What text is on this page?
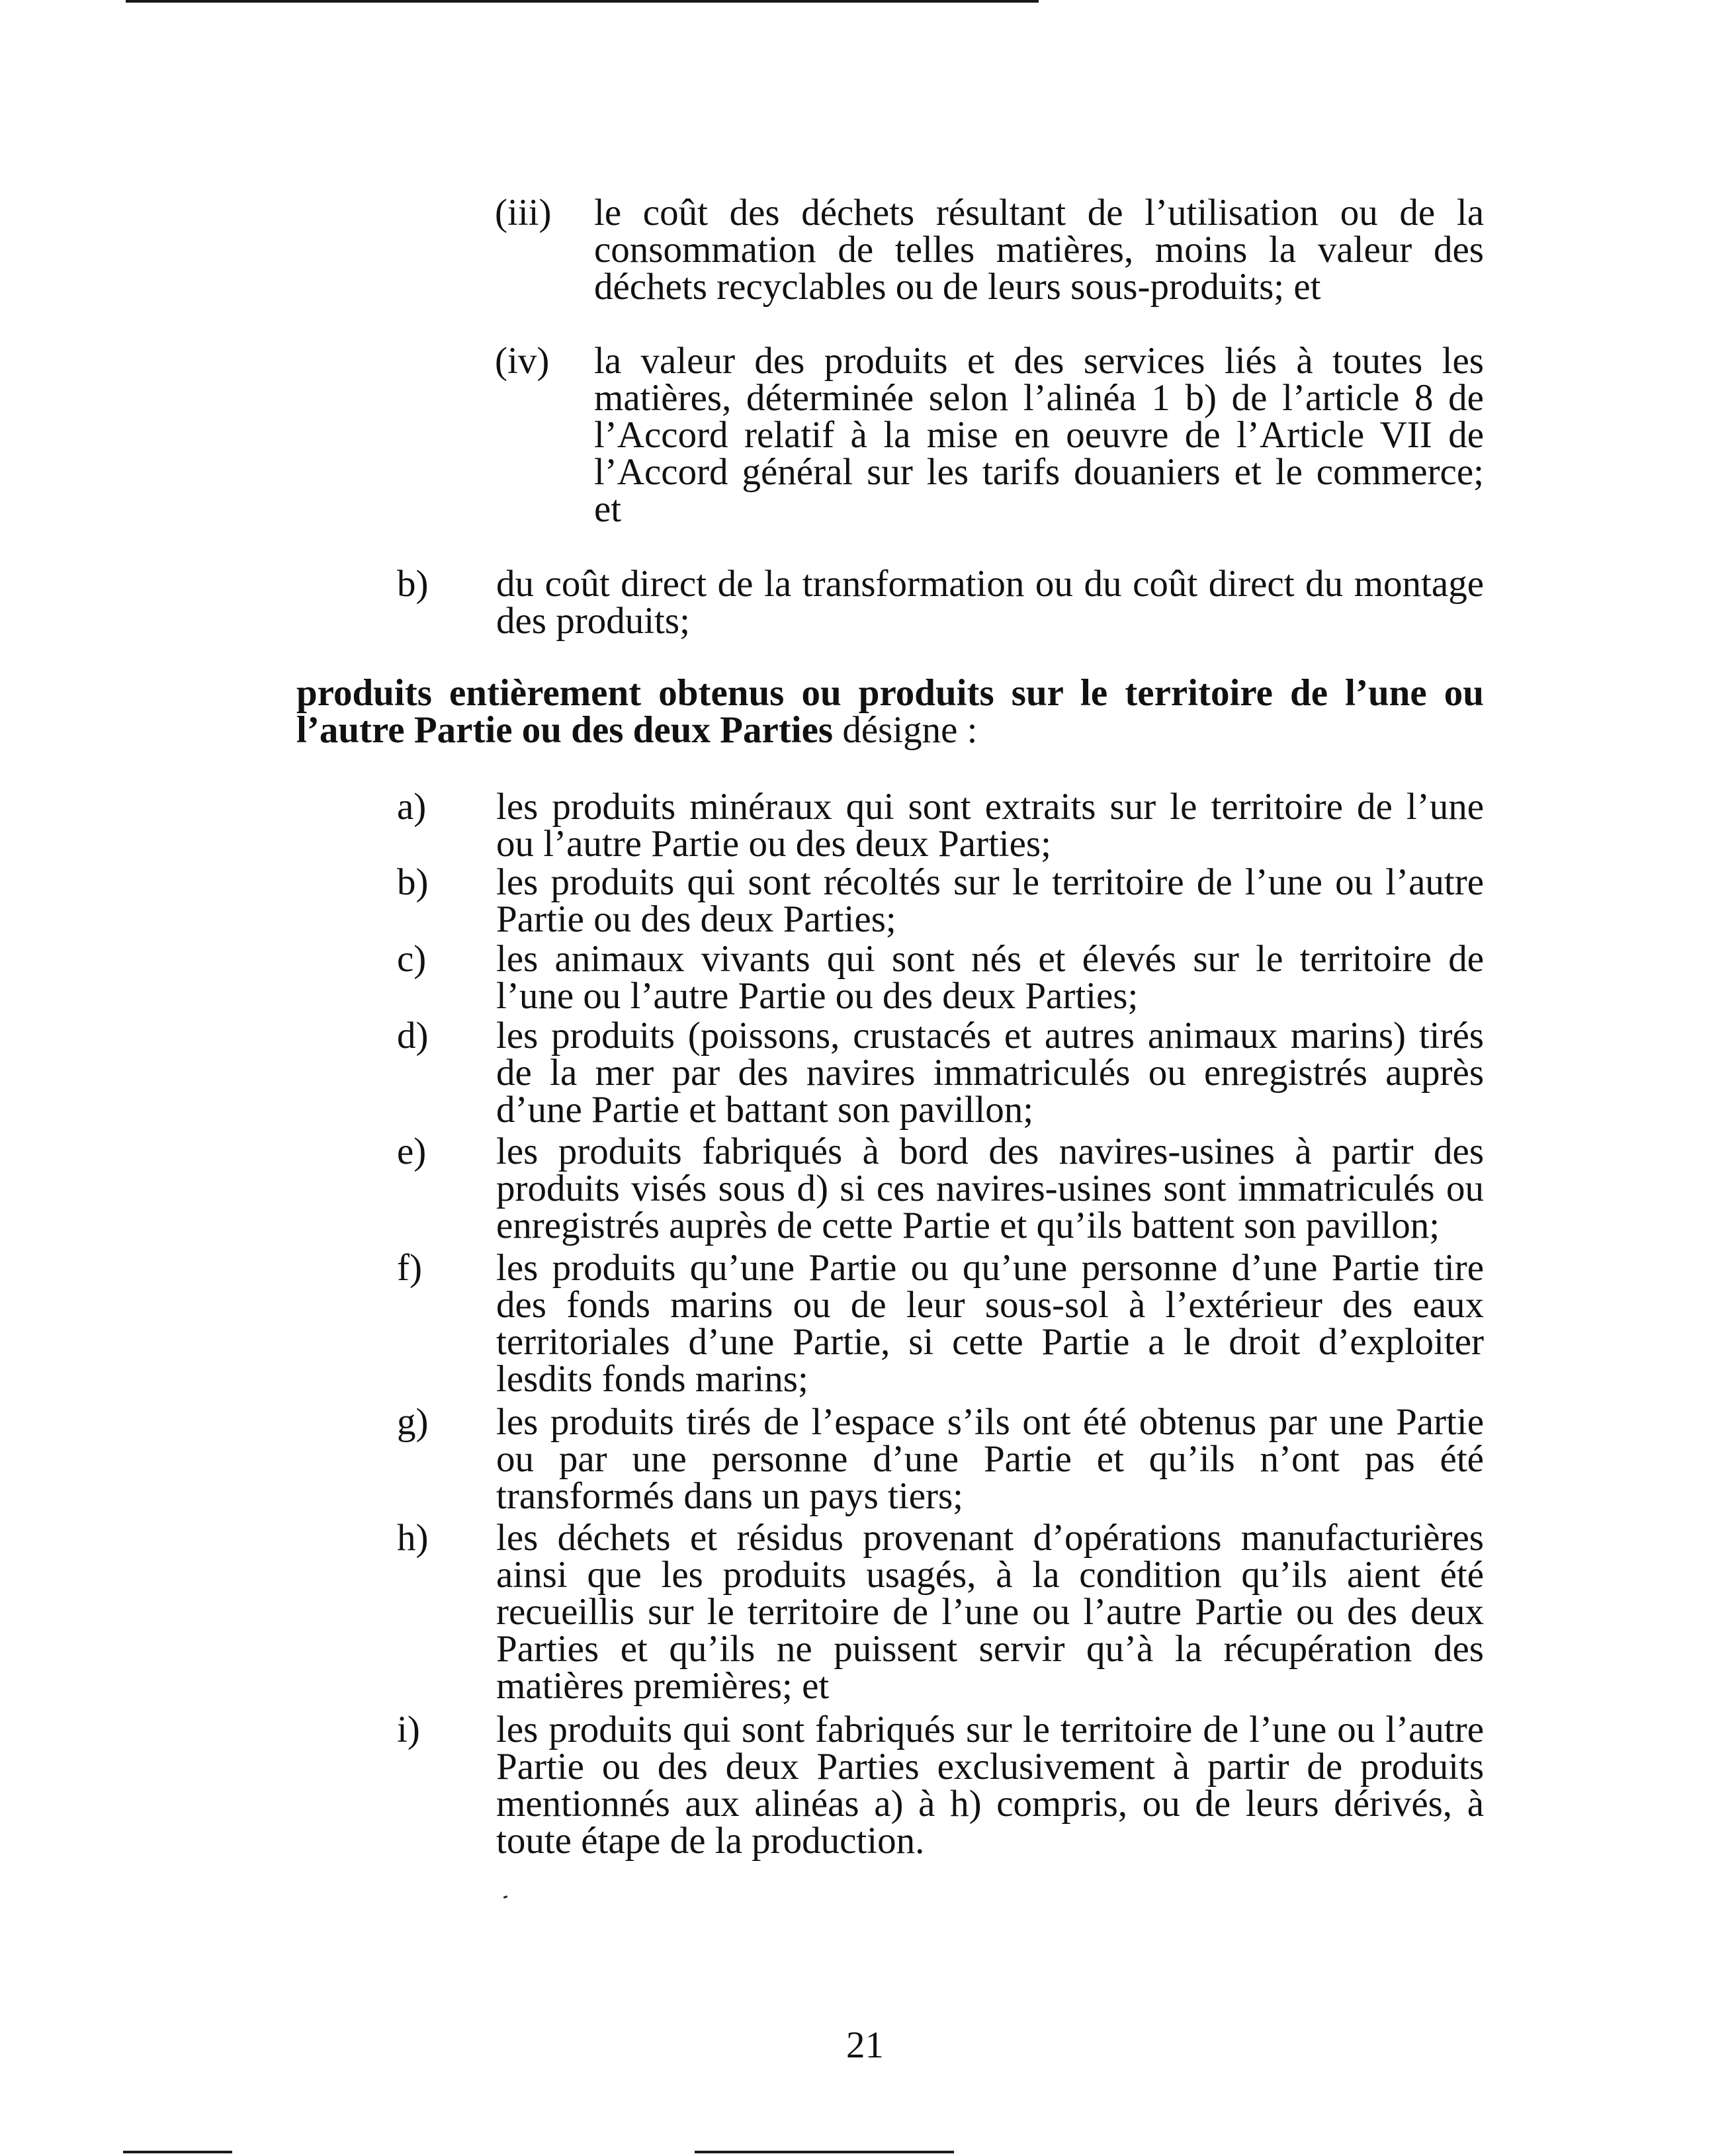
(iii) le coût des déchets résultant de l’utilisation ou de la consommation de telles matières, moins la valeur des déchets recyclables ou de leurs sous-produits; et
(iv) la valeur des produits et des services liés à toutes les matières, déterminée selon l’alinéa 1 b) de l’article 8 de l’Accord relatif à la mise en oeuvre de l’Article VII de l’Accord général sur les tarifs douaniers et le commerce; et
b) du coût direct de la transformation ou du coût direct du montage des produits;
produits entièrement obtenus ou produits sur le territoire de l’une ou l’autre Partie ou des deux Parties désigne :
a) les produits minéraux qui sont extraits sur le territoire de l’une ou l’autre Partie ou des deux Parties;
b) les produits qui sont récoltés sur le territoire de l’une ou l’autre Partie ou des deux Parties;
c) les animaux vivants qui sont nés et élevés sur le territoire de l’une ou l’autre Partie ou des deux Parties;
d) les produits (poissons, crustacés et autres animaux marins) tirés de la mer par des navires immatriculés ou enregistrés auprès d’une Partie et battant son pavillon;
e) les produits fabriqués à bord des navires-usines à partir des produits visés sous d) si ces navires-usines sont immatriculés ou enregistrés auprès de cette Partie et qu’ils battent son pavillon;
f) les produits qu’une Partie ou qu’une personne d’une Partie tire des fonds marins ou de leur sous-sol à l’extérieur des eaux territoriales d’une Partie, si cette Partie a le droit d’exploiter lesdits fonds marins;
g) les produits tirés de l’espace s’ils ont été obtenus par une Partie ou par une personne d’une Partie et qu’ils n’ont pas été transformés dans un pays tiers;
h) les déchets et résidus provenant d’opérations manufacturières ainsi que les produits usagés, à la condition qu’ils aient été recueillis sur le territoire de l’une ou l’autre Partie ou des deux Parties et qu’ils ne puissent servir qu’à la récupération des matières premières; et
i) les produits qui sont fabriqués sur le territoire de l’une ou l’autre Partie ou des deux Parties exclusivement à partir de produits mentionnés aux alinéas a) à h) compris, ou de leurs dérivés, à toute étape de la production.
21
